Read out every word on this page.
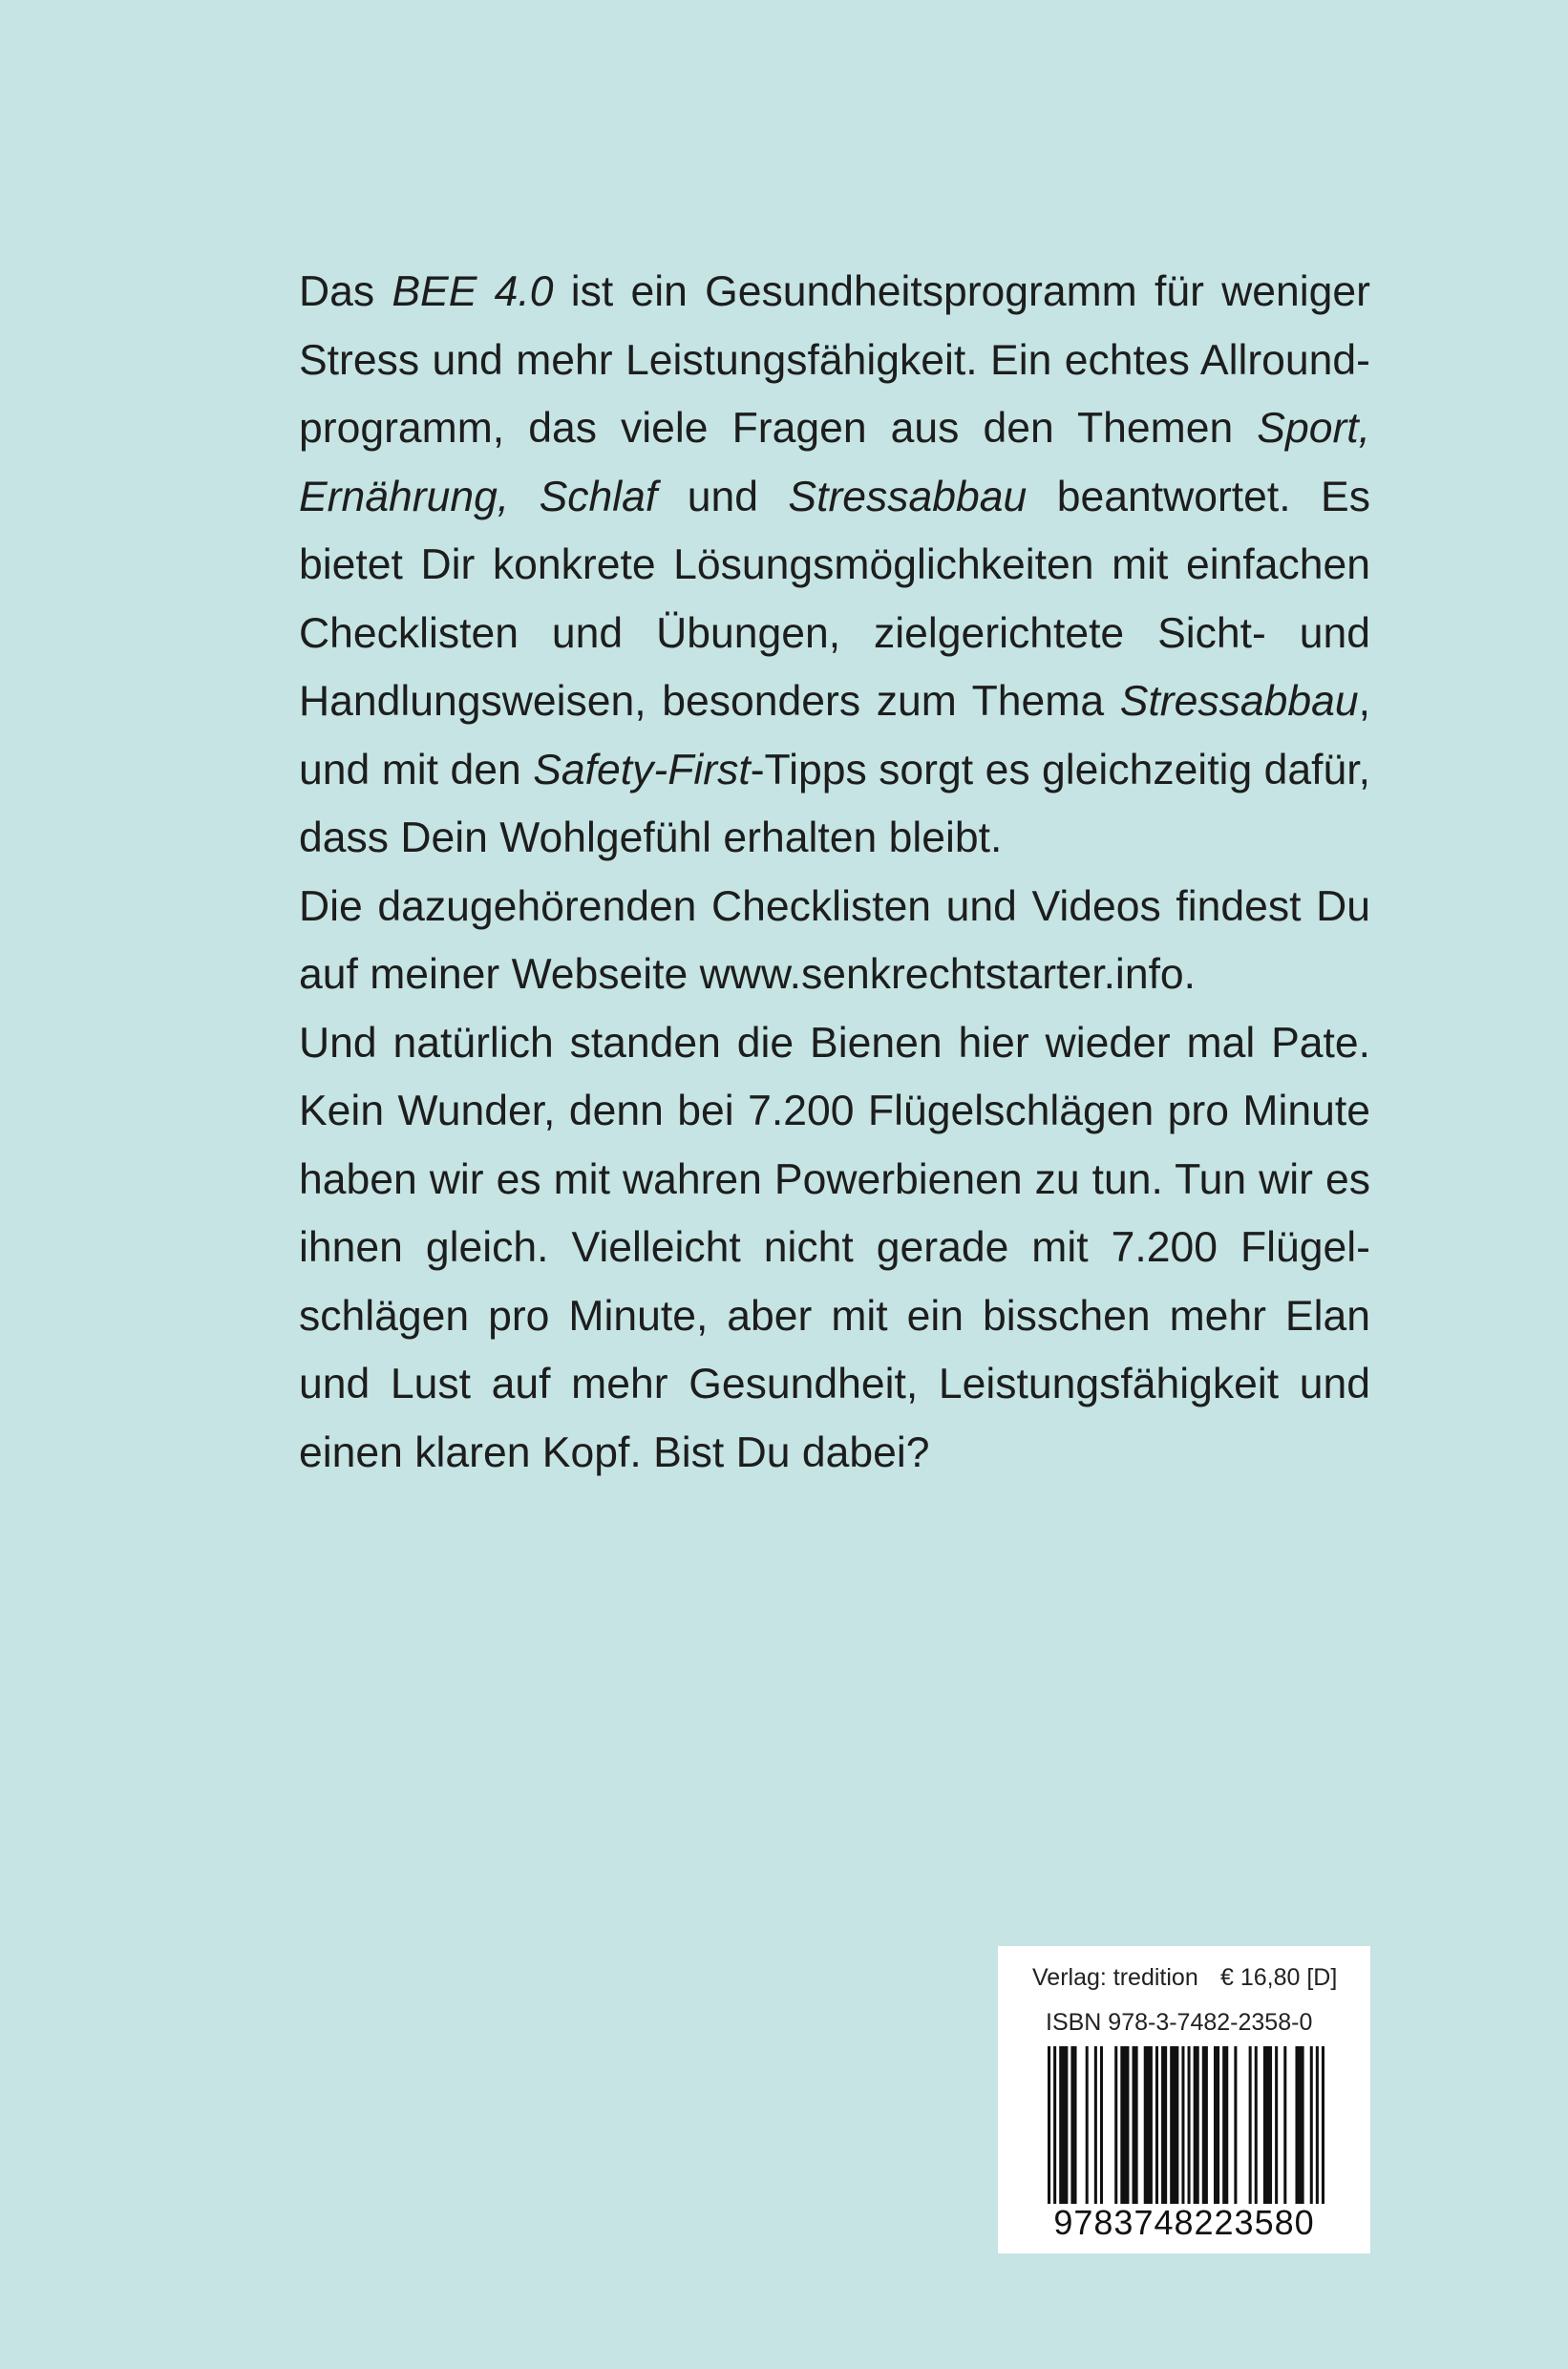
Das BEE 4.0 ist ein Gesundheitsprogramm für weniger Stress und mehr Leistungsfähigkeit. Ein echtes Allroundprogramm, das viele Fragen aus den Themen Sport, Ernährung, Schlaf und Stressabbau beantwortet. Es bietet Dir konkrete Lösungsmöglichkeiten mit einfachen Checklisten und Übungen, zielgerichtete Sicht- und Handlungsweisen, besonders zum Thema Stressabbau, und mit den Safety-First-Tipps sorgt es gleichzeitig dafür, dass Dein Wohlgefühl erhalten bleibt.

Die dazugehörenden Checklisten und Videos findest Du auf meiner Webseite www.senkrechtstarter.info.

Und natürlich standen die Bienen hier wieder mal Pate. Kein Wunder, denn bei 7.200 Flügelschlägen pro Minute haben wir es mit wahren Powerbienen zu tun. Tun wir es ihnen gleich. Vielleicht nicht gerade mit 7.200 Flügelschlägen pro Minute, aber mit ein bisschen mehr Elan und Lust auf mehr Gesundheit, Leistungsfähigkeit und einen klaren Kopf. Bist Du dabei?

Verlag: tredition € 16,80 [D]
ISBN 978-3-7482-2358-0
9783748223580
